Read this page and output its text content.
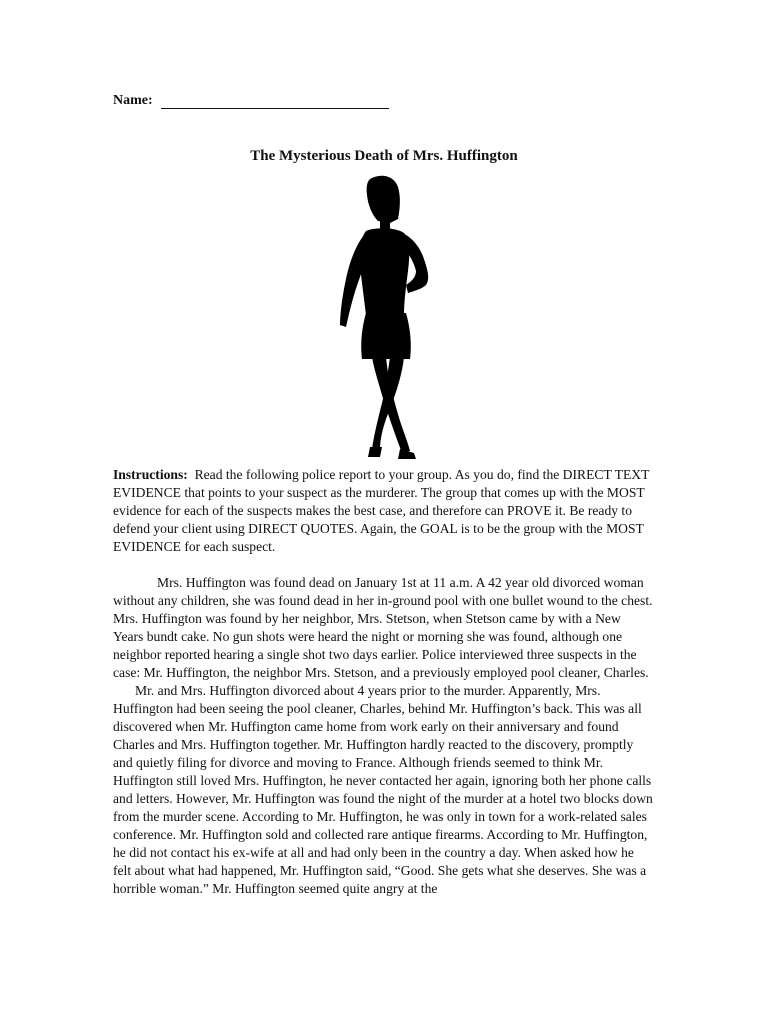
Name:
The Mysterious Death of Mrs. Huffington

Instructions: Read the following police report to your group. As you do, find the DIRECT TEXT EVIDENCE that points to your suspect as the murderer. The group that comes up with the MOST evidence for each of the suspects makes the best case, and therefore can PROVE it. Be ready to defend your client using DIRECT QUOTES. Again, the GOAL is to be the group with the MOST EVIDENCE for each suspect.

Mrs. Huffington was found dead on January 1st at 11 a.m. A 42 year old divorced woman without any children, she was found dead in her in-ground pool with one bullet wound to the chest. Mrs. Huffington was found by her neighbor, Mrs. Stetson, when Stetson came by with a New Years bundt cake. No gun shots were heard the night or morning she was found, although one neighbor reported hearing a single shot two days earlier. Police interviewed three suspects in the case: Mr. Huffington, the neighbor Mrs. Stetson, and a previously employed pool cleaner, Charles.

Mr. and Mrs. Huffington divorced about 4 years prior to the murder. Apparently, Mrs. Huffington had been seeing the pool cleaner, Charles, behind Mr. Huffington’s back. This was all discovered when Mr. Huffington came home from work early on their anniversary and found Charles and Mrs. Huffington together. Mr. Huffington hardly reacted to the discovery, promptly and quietly filing for divorce and moving to France. Although friends seemed to think Mr. Huffington still loved Mrs. Huffington, he never contacted her again, ignoring both her phone calls and letters. However, Mr. Huffington was found the night of the murder at a hotel two blocks down from the murder scene. According to Mr. Huffington, he was only in town for a work-related sales conference. Mr. Huffington sold and collected rare antique firearms. According to Mr. Huffington, he did not contact his ex-wife at all and had only been in the country a day. When asked how he felt about what had happened, Mr. Huffington said, “Good. She gets what she deserves. She was a horrible woman.” Mr. Huffington seemed quite angry at the
